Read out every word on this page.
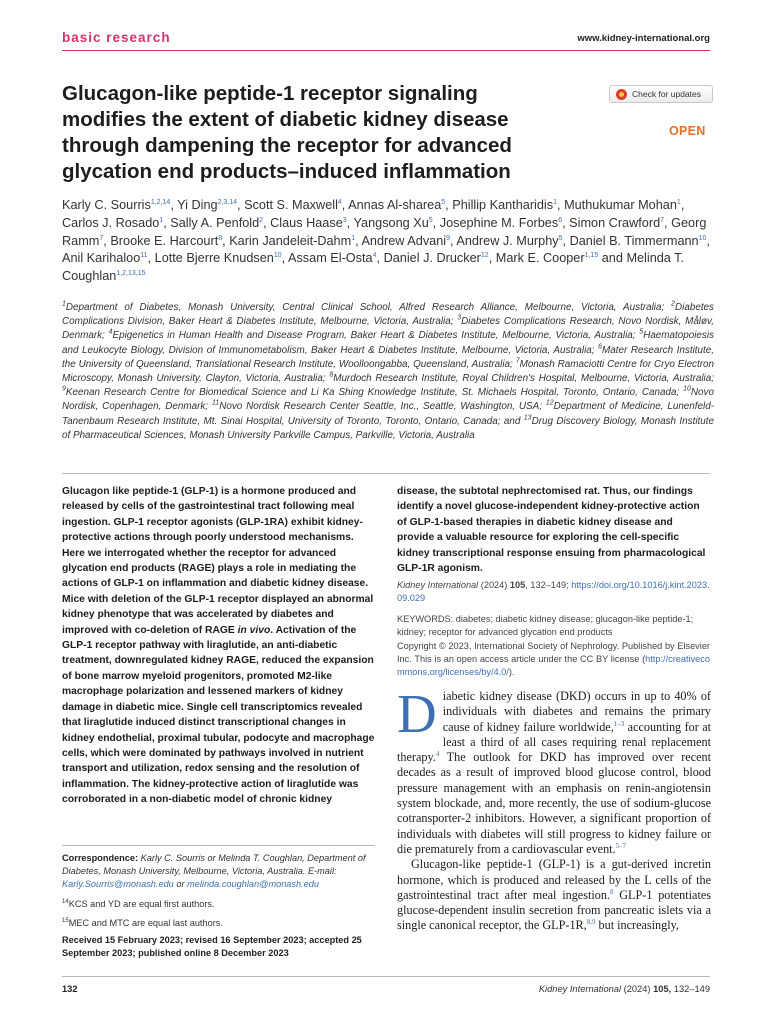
basic research	www.kidney-international.org
Glucagon-like peptide-1 receptor signaling modifies the extent of diabetic kidney disease through dampening the receptor for advanced glycation end products–induced inflammation
Check for updates
OPEN
Karly C. Sourris$^{1,2,14}$, Yi Ding$^{2,3,14}$, Scott S. Maxwell$^4$, Annas Al-sharea$^5$, Phillip Kantharidis$^1$, Muthukumar Mohan$^1$, Carlos J. Rosado$^1$, Sally A. Penfold$^2$, Claus Haase$^3$, Yangsong Xu$^5$, Josephine M. Forbes$^6$, Simon Crawford$^7$, Georg Ramm$^7$, Brooke E. Harcourt$^8$, Karin Jandeleit-Dahm$^1$, Andrew Advani$^9$, Andrew J. Murphy$^5$, Daniel B. Timmermann$^{10}$, Anil Karihaloo$^{11}$, Lotte Bjerre Knudsen$^{10}$, Assam El-Osta$^4$, Daniel J. Drucker$^{12}$, Mark E. Cooper$^{1,15}$ and Melinda T. Coughlan$^{1,2,13,15}$
$^1$Department of Diabetes, Monash University, Central Clinical School, Alfred Research Alliance, Melbourne, Victoria, Australia; $^2$Diabetes Complications Division, Baker Heart & Diabetes Institute, Melbourne, Victoria, Australia; $^3$Diabetes Complications Research, Novo Nordisk, Måløv, Denmark; $^4$Epigenetics in Human Health and Disease Program, Baker Heart & Diabetes Institute, Melbourne, Victoria, Australia; $^5$Haematopoiesis and Leukocyte Biology, Division of Immunometabolism, Baker Heart & Diabetes Institute, Melbourne, Victoria, Australia; $^6$Mater Research Institute, the University of Queensland, Translational Research Institute, Woolloongabba, Queensland, Australia; $^7$Monash Ramaciotti Centre for Cryo Electron Microscopy, Monash University, Clayton, Victoria, Australia; $^8$Murdoch Research Institute, Royal Children's Hospital, Melbourne, Victoria, Australia; $^9$Keenan Research Centre for Biomedical Science and Li Ka Shing Knowledge Institute, St. Michaels Hospital, Toronto, Ontario, Canada; $^{10}$Novo Nordisk, Copenhagen, Denmark; $^{11}$Novo Nordisk Research Center Seattle, Inc., Seattle, Washington, USA; $^{12}$Department of Medicine, Lunenfeld-Tanenbaum Research Institute, Mt. Sinai Hospital, University of Toronto, Toronto, Ontario, Canada; and $^{13}$Drug Discovery Biology, Monash Institute of Pharmaceutical Sciences, Monash University Parkville Campus, Parkville, Victoria, Australia
Glucagon like peptide-1 (GLP-1) is a hormone produced and released by cells of the gastrointestinal tract following meal ingestion. GLP-1 receptor agonists (GLP-1RA) exhibit kidney-protective actions through poorly understood mechanisms. Here we interrogated whether the receptor for advanced glycation end products (RAGE) plays a role in mediating the actions of GLP-1 on inflammation and diabetic kidney disease. Mice with deletion of the GLP-1 receptor displayed an abnormal kidney phenotype that was accelerated by diabetes and improved with co-deletion of RAGE in vivo. Activation of the GLP-1 receptor pathway with liraglutide, an anti-diabetic treatment, downregulated kidney RAGE, reduced the expansion of bone marrow myeloid progenitors, promoted M2-like macrophage polarization and lessened markers of kidney damage in diabetic mice. Single cell transcriptomics revealed that liraglutide induced distinct transcriptional changes in kidney endothelial, proximal tubular, podocyte and macrophage cells, which were dominated by pathways involved in nutrient transport and utilization, redox sensing and the resolution of inflammation. The kidney-protective action of liraglutide was corroborated in a non-diabetic model of chronic kidney
disease, the subtotal nephrectomised rat. Thus, our findings identify a novel glucose-independent kidney-protective action of GLP-1-based therapies in diabetic kidney disease and provide a valuable resource for exploring the cell-specific kidney transcriptional response ensuing from pharmacological GLP-1R agonism.
Kidney International (2024) 105, 132–149; https://doi.org/10.1016/j.kint.2023.09.029
KEYWORDS: diabetes; diabetic kidney disease; glucagon-like peptide-1; kidney; receptor for advanced glycation end products
Copyright © 2023, International Society of Nephrology. Published by Elsevier Inc. This is an open access article under the CC BY license (http://creativecommons.org/licenses/by/4.0/).

Diabetic kidney disease (DKD) occurs in up to 40% of individuals with diabetes and remains the primary cause of kidney failure worldwide,$^{1-3}$ accounting for at least a third of all cases requiring renal replacement therapy.$^4$ The outlook for DKD has improved over recent decades as a result of improved blood glucose control, blood pressure management with an emphasis on renin-angiotensin system blockade, and, more recently, the use of sodium-glucose cotransporter-2 inhibitors. However, a significant proportion of individuals with diabetes will still progress to kidney failure or die prematurely from a cardiovascular event.$^{5-7}$

Glucagon-like peptide-1 (GLP-1) is a gut-derived incretin hormone, which is produced and released by the L cells of the gastrointestinal tract after meal ingestion.$^8$ GLP-1 potentiates glucose-dependent insulin secretion from pancreatic islets via a single canonical receptor, the GLP-1R,$^{8,9}$ but increasingly,

Correspondence: Karly C. Sourris or Melinda T. Coughlan, Department of Diabetes, Monash University, Melbourne, Victoria, Australia. E-mail: Karly.Sourris@monash.edu or melinda.coughlan@monash.edu
$^{14}$KCS and YD are equal first authors.
$^{15}$MEC and MTC are equal last authors.
Received 15 February 2023; revised 16 September 2023; accepted 25 September 2023; published online 8 December 2023
132	Kidney International (2024) 105, 132–149
